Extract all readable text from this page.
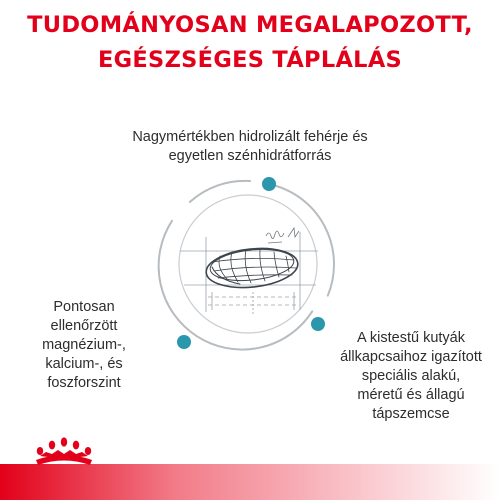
TUDOMÁNYOSAN MEGALAPOZOTT,
EGÉSZSÉGES TÁPLÁLÁS
Nagymértékben hidrolizált fehérje és
egyetlen szénhidrátforrás
Pontosan
ellenőrzött
magnézium-,
kalcium-, és
foszforszint
A kistestű kutyák
állkapcsaihoz igazított
speciális alakú,
méretű és állagú
tápszemcse
